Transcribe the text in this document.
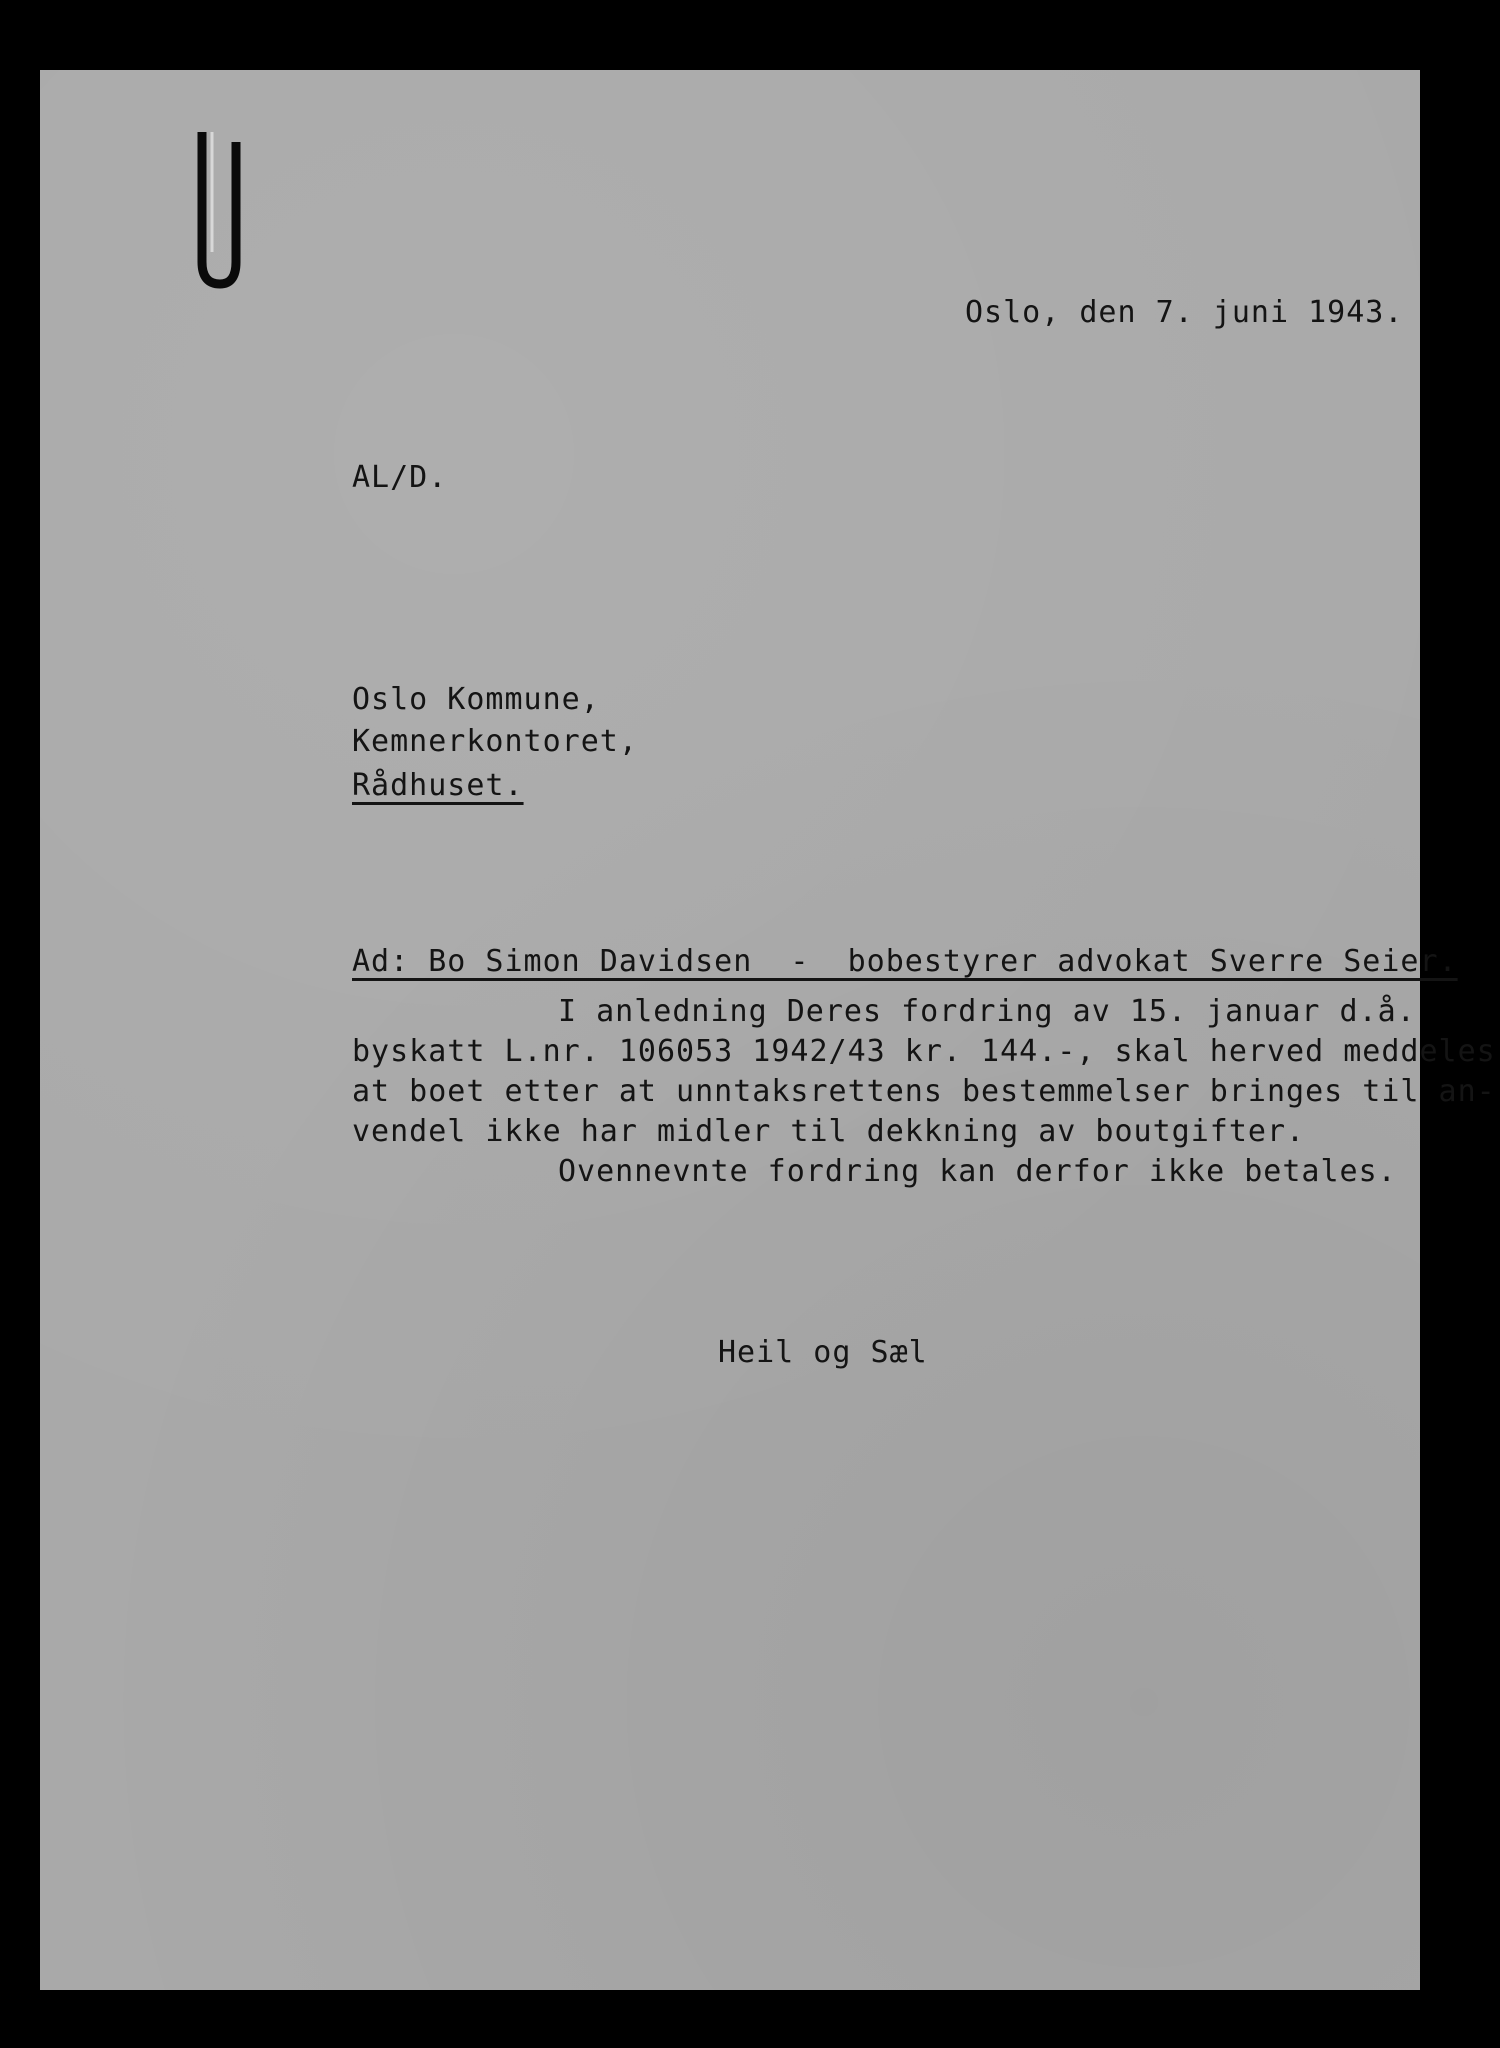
Oslo, den 7. juni 1943.
AL/D.
Oslo Kommune,
Kemnerkontoret,
Rådhuset.
Ad: Bo Simon Davidsen  -  bobestyrer advokat Sverre Seier.
I anledning Deres fordring av 15. januar d.å.
byskatt L.nr. 106053 1942/43 kr. 144.-, skal herved meddeles
at boet etter at unntaksrettens bestemmelser bringes til an-
vendel ikke har midler til dekkning av boutgifter.
Ovennevnte fordring kan derfor ikke betales.
Heil og Sæl
